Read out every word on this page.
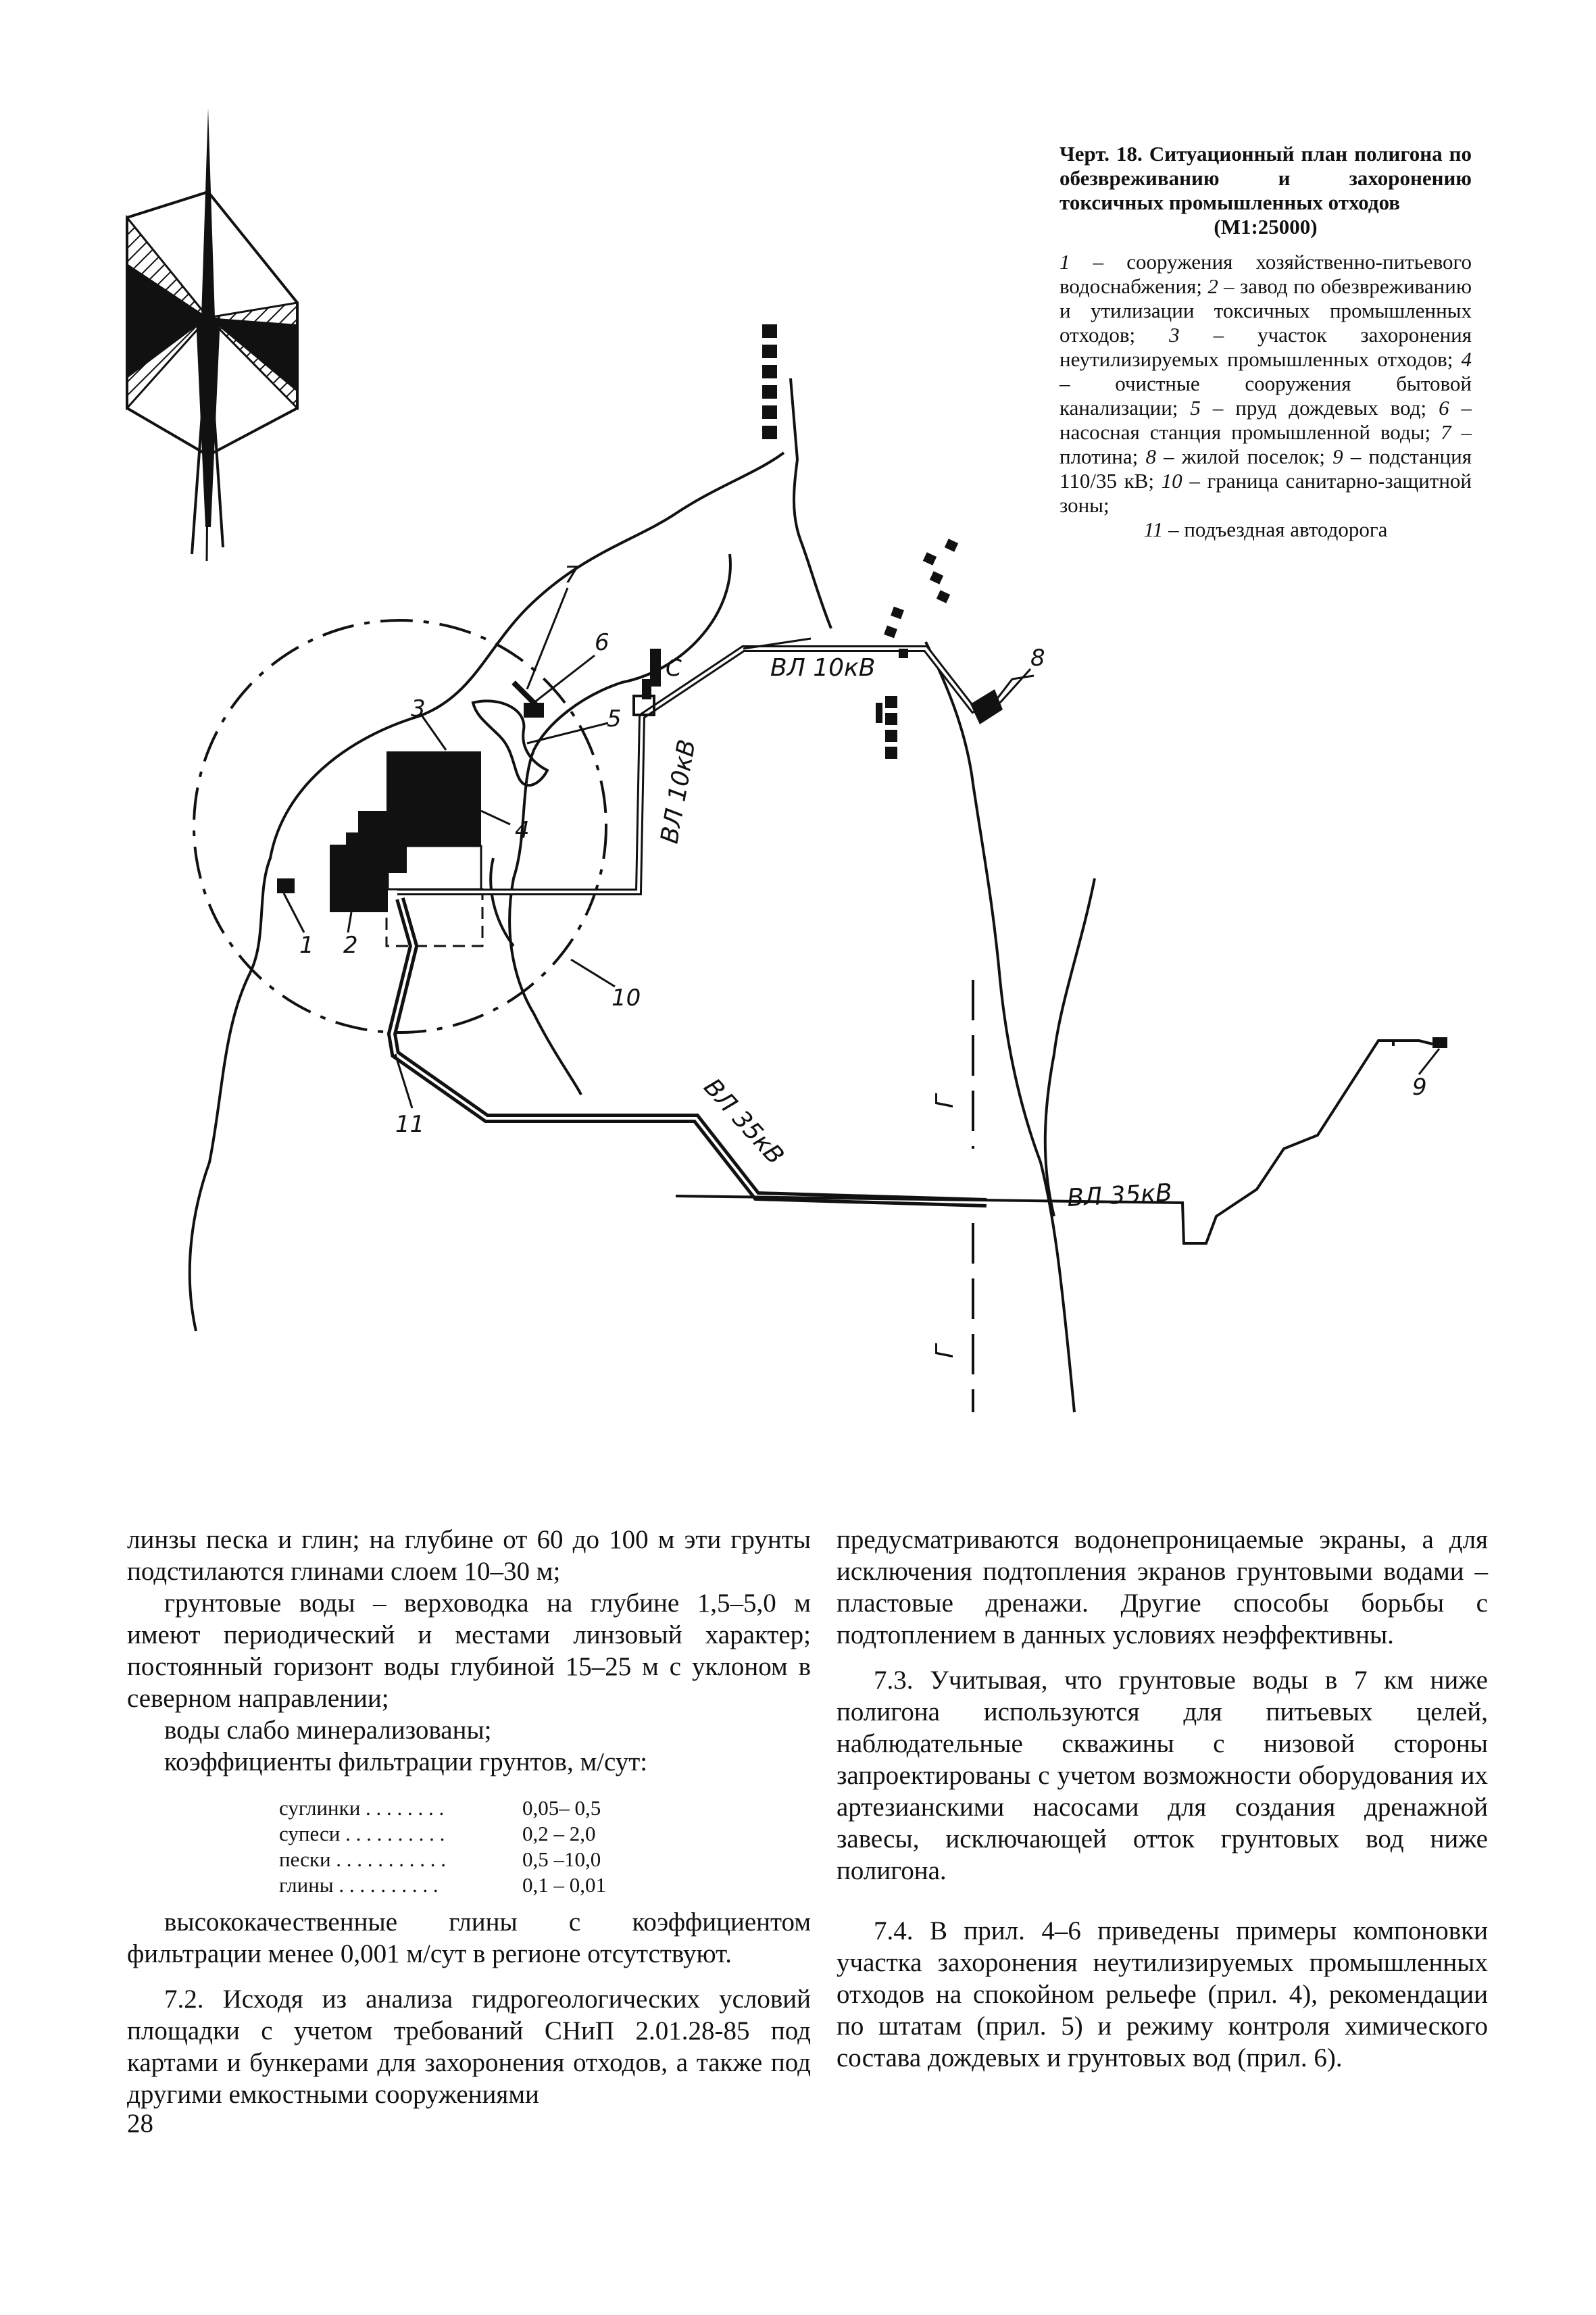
Г
Г
С	ВЛ 10кВ
ВЛ 10кВ
ВЛ 35кВ
ВЛ 35кВ
1 2
3
4
5
6
7
8
9
10
11
Черт. 18. Ситуационный план полигона по обезвреживанию и захоронению токсичных промышленных отходов
(М1:25000)
1 – сооружения хозяйственно-питьевого водоснабжения; 2 – завод по обезвреживанию и утилизации токсичных промышленных отходов; 3 – участок захоронения неутилизируемых промышленных отходов; 4 – очистные сооружения бытовой канализации; 5 – пруд дождевых вод; 6 – насосная станция промышленной воды; 7 – плотина; 8 – жилой поселок; 9 – подстанция 110/35 кВ; 10 – граница санитарно-защитной зоны;
11 – подъездная автодорога

линзы песка и глин; на глубине от 60 до 100 м эти грунты подстилаются глинами слоем 10–30 м;

грунтовые воды – верховодка на глубине 1,5–5,0 м имеют периодический и местами линзовый характер; постоянный горизонт воды глубиной 15–25 м с уклоном в северном направлении;

воды слабо минерализованы;

коэффициенты фильтрации грунтов, м/сут:

суглинки . . . . . . . .	0,05– 0,5
супеси . . . . . . . . . .	0,2 – 2,0
пески . . . . . . . . . . .	0,5 –10,0
глины . . . . . . . . . .	0,1 – 0,01

высококачественные глины с коэффициентом фильтрации менее 0,001 м/сут в регионе отсутствуют.

7.2. Исходя из анализа гидрогеологических условий площадки с учетом требований СНиП 2.01.28-85 под картами и бункерами для захоронения отходов, а также под другими емкостными сооружениями

предусматриваются водонепроницаемые экраны, а для исключения подтопления экранов грунтовыми водами – пластовые дренажи. Другие способы борьбы с подтоплением в данных условиях неэффективны.

7.3. Учитывая, что грунтовые воды в 7 км ниже полигона используются для питьевых целей, наблюдательные скважины с низовой стороны запроектированы с учетом возможности оборудования их артезианскими насосами для создания дренажной завесы, исключающей отток грунтовых вод ниже полигона.

7.4. В прил. 4–6 приведены примеры компоновки участка захоронения неутилизируемых промышленных отходов на спокойном рельефе (прил. 4), рекомендации по штатам (прил. 5) и режиму контроля химического состава дождевых и грунтовых вод (прил. 6).

28
